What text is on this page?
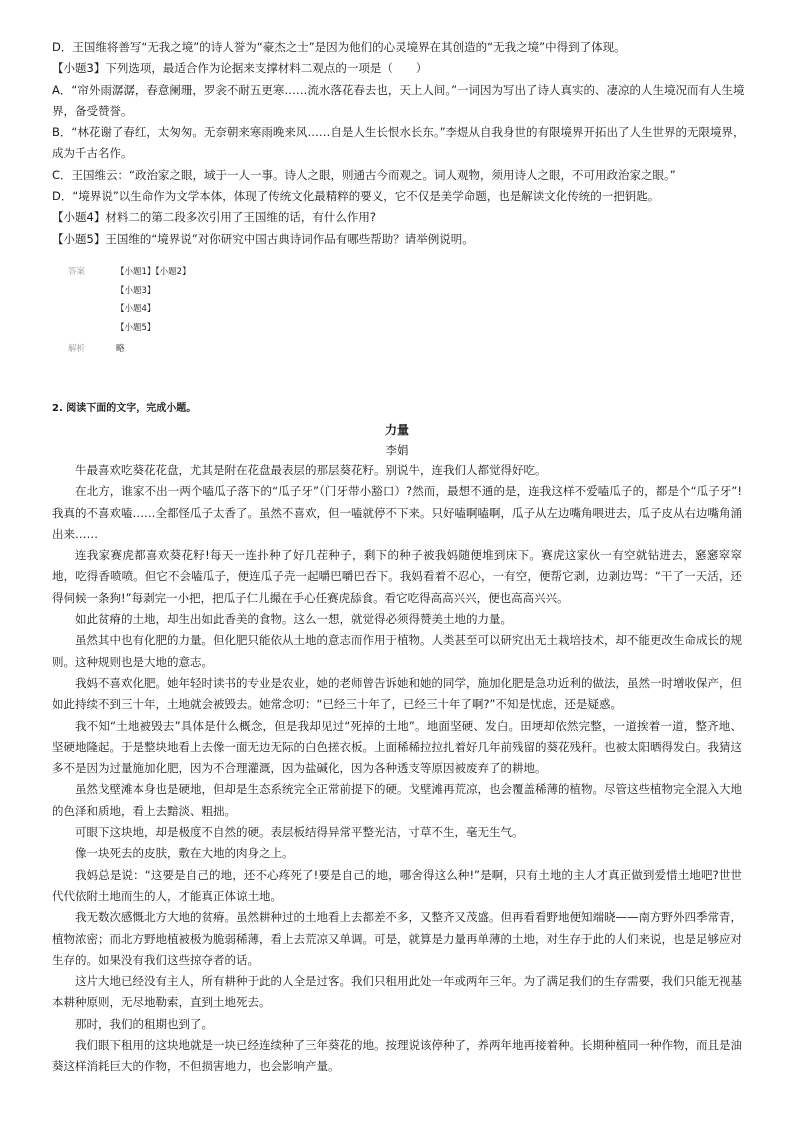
D．王国维将善写“无我之境”的诗人誉为“豪杰之士”是因为他们的心灵境界在其创造的“无我之境”中得到了体现。

【小题3】下列选项，最适合作为论据来支撑材料二观点的一项是（　　）

A．“帘外雨潺潺，春意阑珊，罗衾不耐五更寒……流水落花春去也，天上人间。”一词因为写出了诗人真实的、凄凉的人生境况而有人生境界，备受赞誉。

B．“林花谢了春红，太匆匆。无奈朝来寒雨晚来风……自是人生长恨水长东。”李煜从自我身世的有限境界开拓出了人生世界的无限境界，成为千古名作。

C．王国维云：“政治家之眼，域于一人一事。诗人之眼，则通古今而观之。词人观物，须用诗人之眼，不可用政治家之眼。”

D．“境界说”以生命作为文学本体，体现了传统文化最精粹的要义，它不仅是美学命题，也是解读文化传统的一把钥匙。

【小题4】材料二的第二段多次引用了王国维的话，有什么作用?

【小题5】王国维的“境界说”对你研究中国古典诗词作品有哪些帮助？请举例说明。

答案	【小题1】【小题2】
【小题3】
【小题4】
【小题5】
解析	略
2. 阅读下面的文字，完成小题。
力量
李娟

牛最喜欢吃葵花花盘，尤其是附在花盘最表层的那层葵花籽。别说牛，连我们人都觉得好吃。

在北方，谁家不出一两个嗑瓜子落下的“瓜子牙”（门牙带小豁口）?然而，最想不通的是，连我这样不爱嗑瓜子的，都是个“瓜子牙”!我真的不喜欢嗑……全都怪瓜子太香了。虽然不喜欢，但一嗑就停不下来。只好嗑啊嗑啊，瓜子从左边嘴角喂进去，瓜子皮从右边嘴角涌出来……

连我家赛虎都喜欢葵花籽!每天一连扑种了好几茬种子，剩下的种子被我妈随便堆到床下。赛虎这家伙一有空就钻进去，窸窸窣窣地，吃得香喷喷。但它不会嗑瓜子，便连瓜子壳一起嚼巴嚼巴吞下。我妈看着不忍心，一有空，便帮它剥，边剥边骂：“干了一天活，还得伺候一条狗!”每剥完一小把，把瓜子仁儿撮在手心任赛虎舔食。看它吃得高高兴兴，便也高高兴兴。

如此贫瘠的土地，却生出如此香美的食物。这么一想，就觉得必须得赞美土地的力量。

虽然其中也有化肥的力量。但化肥只能依从土地的意志而作用于植物。人类甚至可以研究出无土栽培技术，却不能更改生命成长的规则。这种规则也是大地的意志。

我妈不喜欢化肥。她年轻时读书的专业是农业，她的老师曾告诉她和她的同学，施加化肥是急功近利的做法，虽然一时增收保产，但如此持续不到三十年，土地就会被毁去。她常念叨：“已经三十年了，已经三十年了啊?”不知是忧虑，还是疑惑。

我不知“土地被毁去”具体是什么概念，但是我却见过“死掉的土地”。地面坚硬、发白。田埂却依然完整，一道挨着一道，整齐地、坚硬地隆起。于是整块地看上去像一面无边无际的白色搓衣板。上面稀稀拉拉扎着好几年前残留的葵花残秆。也被太阳晒得发白。我猜这多不是因为过量施加化肥，因为不合理灌溉，因为盐碱化，因为各种透支等原因被废弃了的耕地。

虽然戈壁滩本身也是硬地，但却是生态系统完全正常前提下的硬。戈壁滩再荒凉，也会覆盖稀薄的植物。尽管这些植物完全混入大地的色泽和质地，看上去黯淡、粗拙。

可眼下这块地，却是极度不自然的硬。表层板结得异常平整光洁，寸草不生，毫无生气。

像一块死去的皮肤，敷在大地的肉身之上。

我妈总是说：“这要是自己的地，还不心疼死了!要是自己的地，哪舍得这么种!”是啊，只有土地的主人才真正做到爱惜土地吧?世世代代依附土地而生的人，才能真正体谅土地。

我无数次感慨北方大地的贫瘠。虽然耕种过的土地看上去都差不多，又整齐又茂盛。但再看看野地便知端晓——南方野外四季常青，植物浓密；而北方野地植被极为脆弱稀薄，看上去荒凉又单调。可是，就算是力量再单薄的土地，对生存于此的人们来说，也是足够应对生存的。如果没有我们这些掠夺者的话。

这片大地已经没有主人，所有耕种于此的人全是过客。我们只租用此处一年或两年三年。为了满足我们的生存需要，我们只能无视基本耕种原则，无尽地勒索，直到土地死去。

那时，我们的租期也到了。

我们眼下租用的这块地就是一块已经连续种了三年葵花的地。按理说该停种了，养两年地再接着种。长期种植同一种作物，而且是油葵这样消耗巨大的作物，不但损害地力，也会影响产量。
